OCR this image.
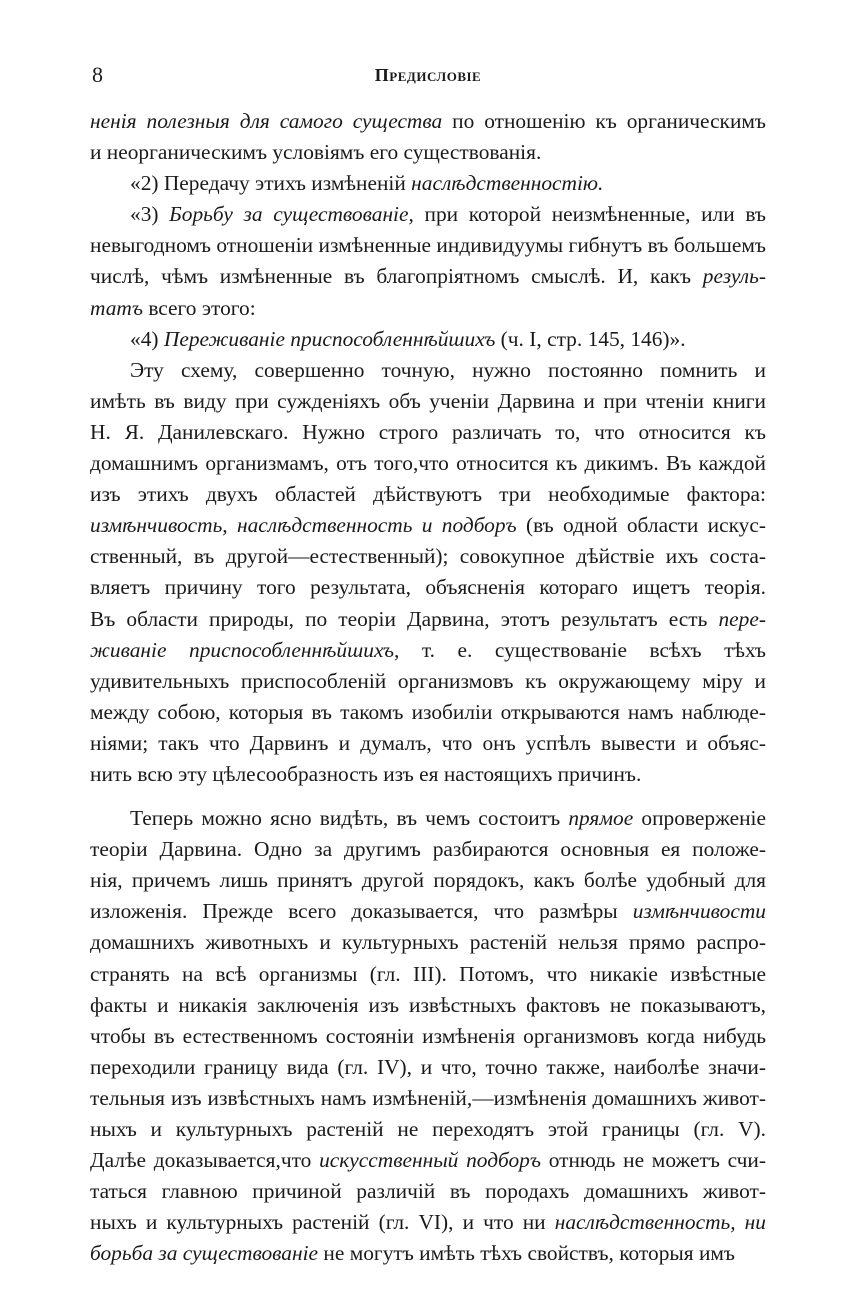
8	Предисловіе
ненія полезныя для самого существа по отношенію къ органическимъ
и неорганическимъ условіямъ его существованія.
«2) Передачу этихъ измѣненій наслѣдственностію.
«3) Борьбу за существованіе, при которой неизмѣненные, или въ
невыгодномъ отношеніи измѣненные индивидуумы гибнутъ въ большемъ
числѣ, чѣмъ измѣненные въ благопріятномъ смыслѣ. И, какъ резуль-
татъ всего этого:
«4) Переживаніе приспособленнѣйшихъ (ч. I, стр. 145, 146)».
Эту схему, совершенно точную, нужно постоянно помнить и
имѣть въ виду при сужденіяхъ объ ученіи Дарвина и при чтеніи книги
Н. Я. Данилевскаго. Нужно строго различать то, что относится къ
домашнимъ организмамъ, отъ того,что относится къ дикимъ. Въ каждой
изъ этихъ двухъ областей дѣйствуютъ три необходимые фактора:
измѣнчивость, наслѣдственность и подборъ (въ одной области искус-
ственный, въ другой—естественный); совокупное дѣйствіе ихъ соста-
вляетъ причину того результата, объясненія котораго ищетъ теорія.
Въ области природы, по теоріи Дарвина, этотъ результатъ есть пере-
живаніе приспособленнѣйшихъ, т. е. существованіе всѣхъ тѣхъ
удивительныхъ приспособленій организмовъ къ окружающему міру и
между собою, которыя въ такомъ изобиліи открываются намъ наблюде-
ніями; такъ что Дарвинъ и думалъ, что онъ успѣлъ вывести и объяс-
нить всю эту цѣлесообразность изъ ея настоящихъ причинъ.
Теперь можно ясно видѣть, въ чемъ состоитъ прямое опроверженіе
теоріи Дарвина. Одно за другимъ разбираются основныя ея положе-
нія, причемъ лишь принятъ другой порядокъ, какъ болѣе удобный для
изложенія. Прежде всего доказывается, что размѣры измѣнчивости
домашнихъ животныхъ и культурныхъ растеній нельзя прямо распро-
странять на всѣ организмы (гл. III). Потомъ, что никакіе извѣстные
факты и никакія заключенія изъ извѣстныхъ фактовъ не показываютъ,
чтобы въ естественномъ состояніи измѣненія организмовъ когда нибудь
переходили границу вида (гл. IV), и что, точно также, наиболѣе значи-
тельныя изъ извѣстныхъ намъ измѣненій,—измѣненія домашнихъ живот-
ныхъ и культурныхъ растеній не переходятъ этой границы (гл. V).
Далѣе доказывается,что искусственный подборъ отнюдь не можетъ счи-
таться главною причиной различій въ породахъ домашнихъ живот-
ныхъ и культурныхъ растеній (гл. VI), и что ни наслѣдственность, ни
борьба за существованіе не могутъ имѣть тѣхъ свойствъ, которыя имъ
